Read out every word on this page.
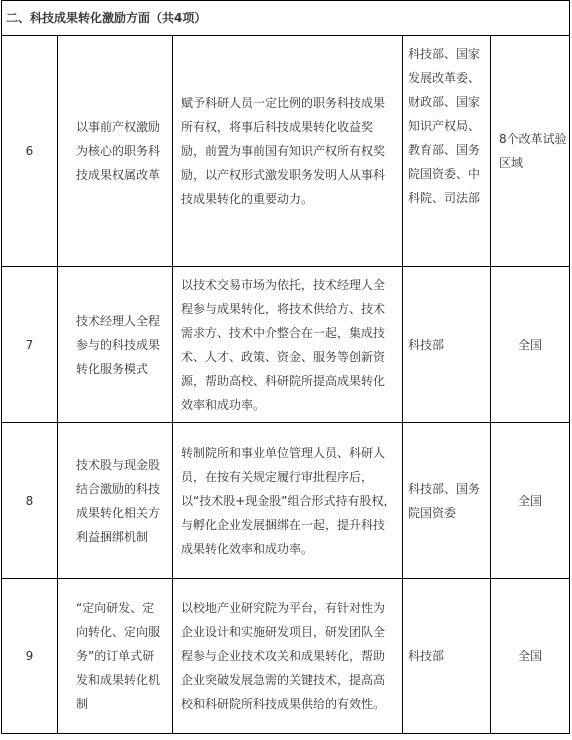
二、科技成果转化激励方面（共4项）				
6	以事前产权激励为核心的职务科技成果权属改革	赋予科研人员一定比例的职务科技成果所有权，将事后科技成果转化收益奖励，前置为事前国有知识产权所有权奖励，以产权形式激发职务发明人从事科技成果转化的重要动力。	科技部、国家发展改革委、财政部、国家知识产权局、教育部、国务院国资委、中科院、司法部	8个改革试验区域
7	技术经理人全程参与的科技成果转化服务模式	以技术交易市场为依托，技术经理人全程参与成果转化，将技术供给方、技术需求方、技术中介整合在一起，集成技术、人才、政策、资金、服务等创新资源，帮助高校、科研院所提高成果转化效率和成功率。	科技部	全国
8	技术股与现金股结合激励的科技成果转化相关方利益捆绑机制	转制院所和事业单位管理人员、科研人员，在按有关规定履行审批程序后，以“技术股+现金股”组合形式持有股权，与孵化企业发展捆绑在一起，提升科技成果转化效率和成功率。	科技部、国务院国资委	全国
9	“定向研发、定向转化、定向服务”的订单式研发和成果转化机制	以校地产业研究院为平台，有针对性为企业设计和实施研发项目，研发团队全程参与企业技术攻关和成果转化，帮助企业突破发展急需的关键技术，提高高校和科研院所科技成果供给的有效性。	科技部	全国
